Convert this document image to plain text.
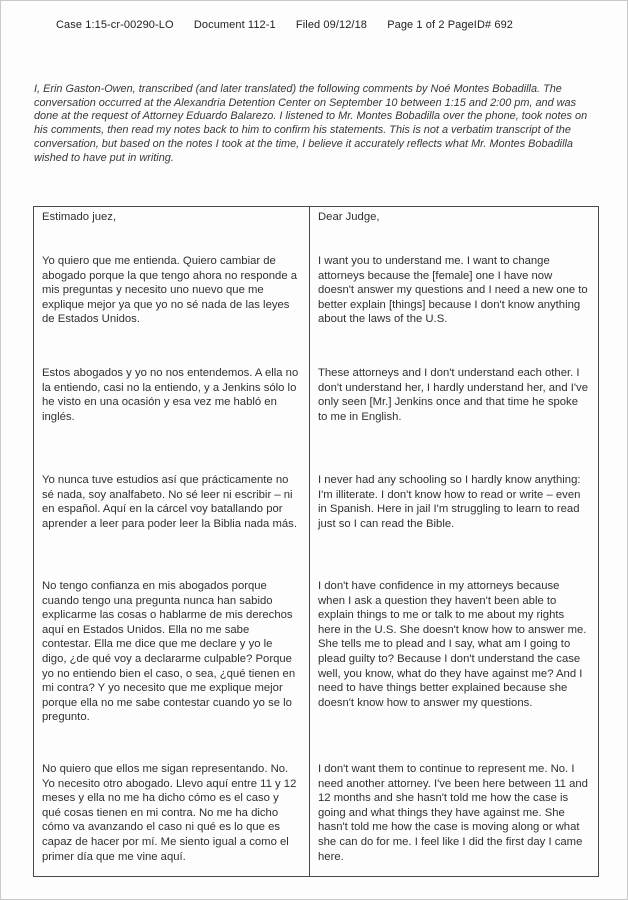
Case 1:15-cr-00290-LO Document 112-1 Filed 09/12/18 Page 1 of 2 PageID# 692
I, Erin Gaston-Owen, transcribed (and later translated) the following comments by Noé Montes Bobadilla. The conversation occurred at the Alexandria Detention Center on September 10 between 1:15 and 2:00 pm, and was done at the request of Attorney Eduardo Balarezo. I listened to Mr. Montes Bobadilla over the phone, took notes on his comments, then read my notes back to him to confirm his statements. This is not a verbatim transcript of the conversation, but based on the notes I took at the time, I believe it accurately reflects what Mr. Montes Bobadilla wished to have put in writing.
Estimado juez,	Dear Judge,
Yo quiero que me entienda. Quiero cambiar de abogado porque la que tengo ahora no responde a mis preguntas y necesito uno nuevo que me explique mejor ya que yo no sé nada de las leyes de Estados Unidos.	I want you to understand me. I want to change attorneys because the [female] one I have now doesn't answer my questions and I need a new one to better explain [things] because I don't know anything about the laws of the U.S.
Estos abogados y yo no nos entendemos. A ella no la entiendo, casi no la entiendo, y a Jenkins sólo lo he visto en una ocasión y esa vez me habló en inglés.	These attorneys and I don't understand each other. I don't understand her, I hardly understand her, and I've only seen [Mr.] Jenkins once and that time he spoke to me in English.
Yo nunca tuve estudios así que prácticamente no sé nada, soy analfabeto. No sé leer ni escribir – ni en español. Aquí en la cárcel voy batallando por aprender a leer para poder leer la Biblia nada más.	I never had any schooling so I hardly know anything: I'm illiterate. I don't know how to read or write – even in Spanish. Here in jail I'm struggling to learn to read just so I can read the Bible.
No tengo confianza en mis abogados porque cuando tengo una pregunta nunca han sabido explicarme las cosas o hablarme de mis derechos aquí en Estados Unidos. Ella no me sabe contestar. Ella me dice que me declare y yo le digo, ¿de qué voy a declararme culpable? Porque yo no entiendo bien el caso, o sea, ¿qué tienen en mi contra? Y yo necesito que me explique mejor porque ella no me sabe contestar cuando yo se lo pregunto.	I don't have confidence in my attorneys because when I ask a question they haven't been able to explain things to me or talk to me about my rights here in the U.S. She doesn't know how to answer me. She tells me to plead and I say, what am I going to plead guilty to? Because I don't understand the case well, you know, what do they have against me? And I need to have things better explained because she doesn't know how to answer my questions.
No quiero que ellos me sigan representando. No. Yo necesito otro abogado. Llevo aquí entre 11 y 12 meses y ella no me ha dicho cómo es el caso y qué cosas tienen en mi contra. No me ha dicho cómo va avanzando el caso ni qué es lo que es capaz de hacer por mí. Me siento igual a como el primer día que me vine aquí.	I don't want them to continue to represent me. No. I need another attorney. I've been here between 11 and 12 months and she hasn't told me how the case is going and what things they have against me. She hasn't told me how the case is moving along or what she can do for me. I feel like I did the first day I came here.
